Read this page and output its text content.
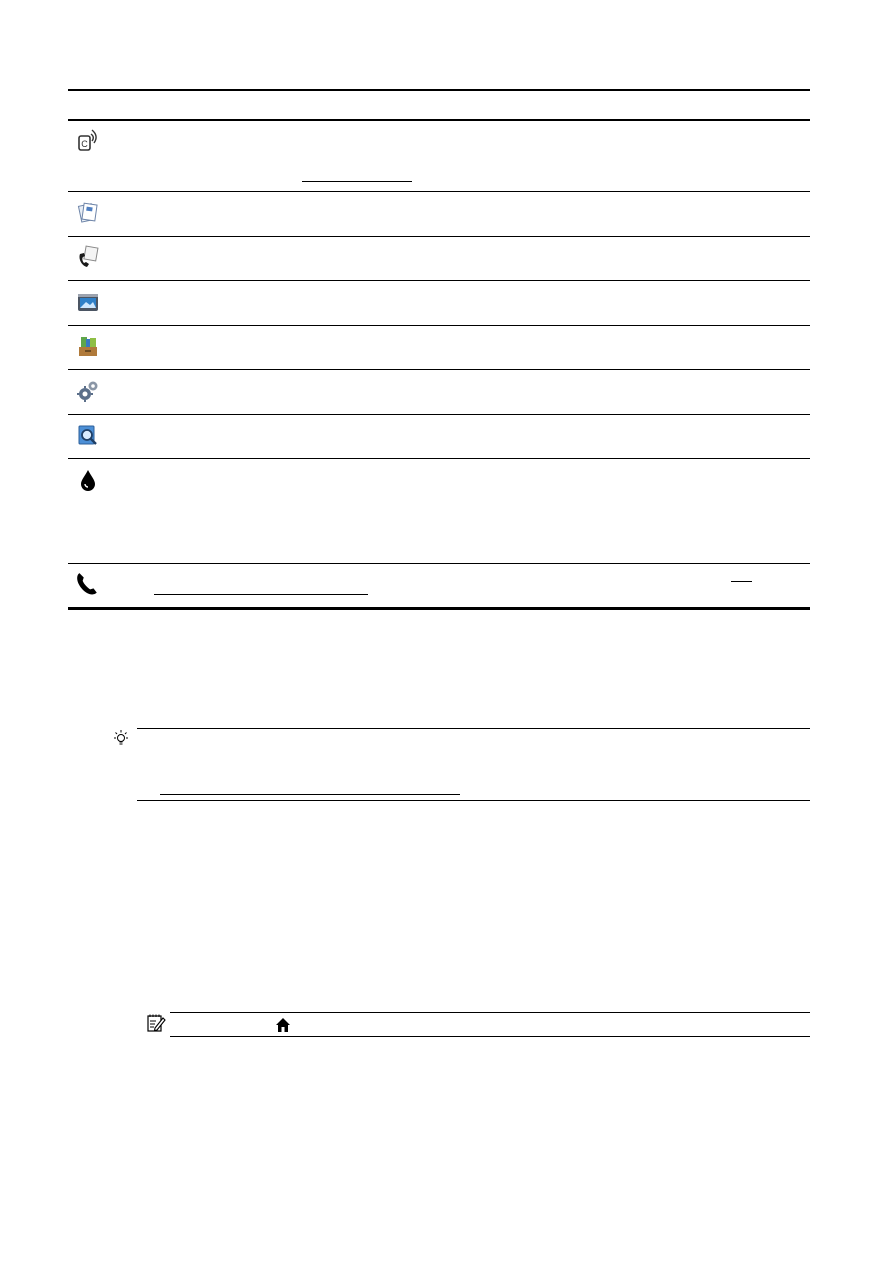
C
